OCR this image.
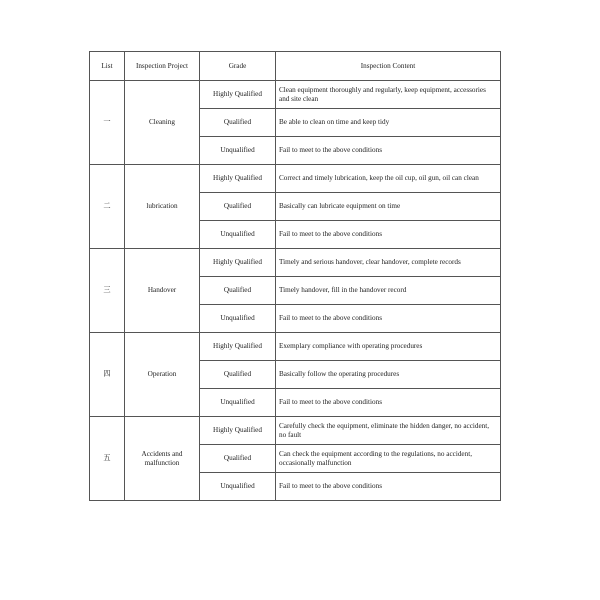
List	Inspection Project	Grade	Inspection Content
一	Cleaning	Highly Qualified	Clean equipment thoroughly and regularly, keep equipment, accessories and site clean
		Qualified	Be able to clean on time and keep tidy
		Unqualified	Fail to meet to the above conditions
二	lubrication	Highly Qualified	Correct and timely lubrication, keep the oil cup, oil gun, oil can clean
		Qualified	Basically can lubricate equipment on time
		Unqualified	Fail to meet to the above conditions
三	Handover	Highly Qualified	Timely and serious handover, clear handover, complete records
		Qualified	Timely handover, fill in the handover record
		Unqualified	Fail to meet to the above conditions
四	Operation	Highly Qualified	Exemplary compliance with operating procedures
		Qualified	Basically follow the operating procedures
		Unqualified	Fail to meet to the above conditions
五	Accidents and malfunction	Highly Qualified	Carefully check the equipment, eliminate the hidden danger, no accident, no fault
		Qualified	Can check the equipment according to the regulations, no accident, occasionally malfunction
		Unqualified	Fail to meet to the above conditions
